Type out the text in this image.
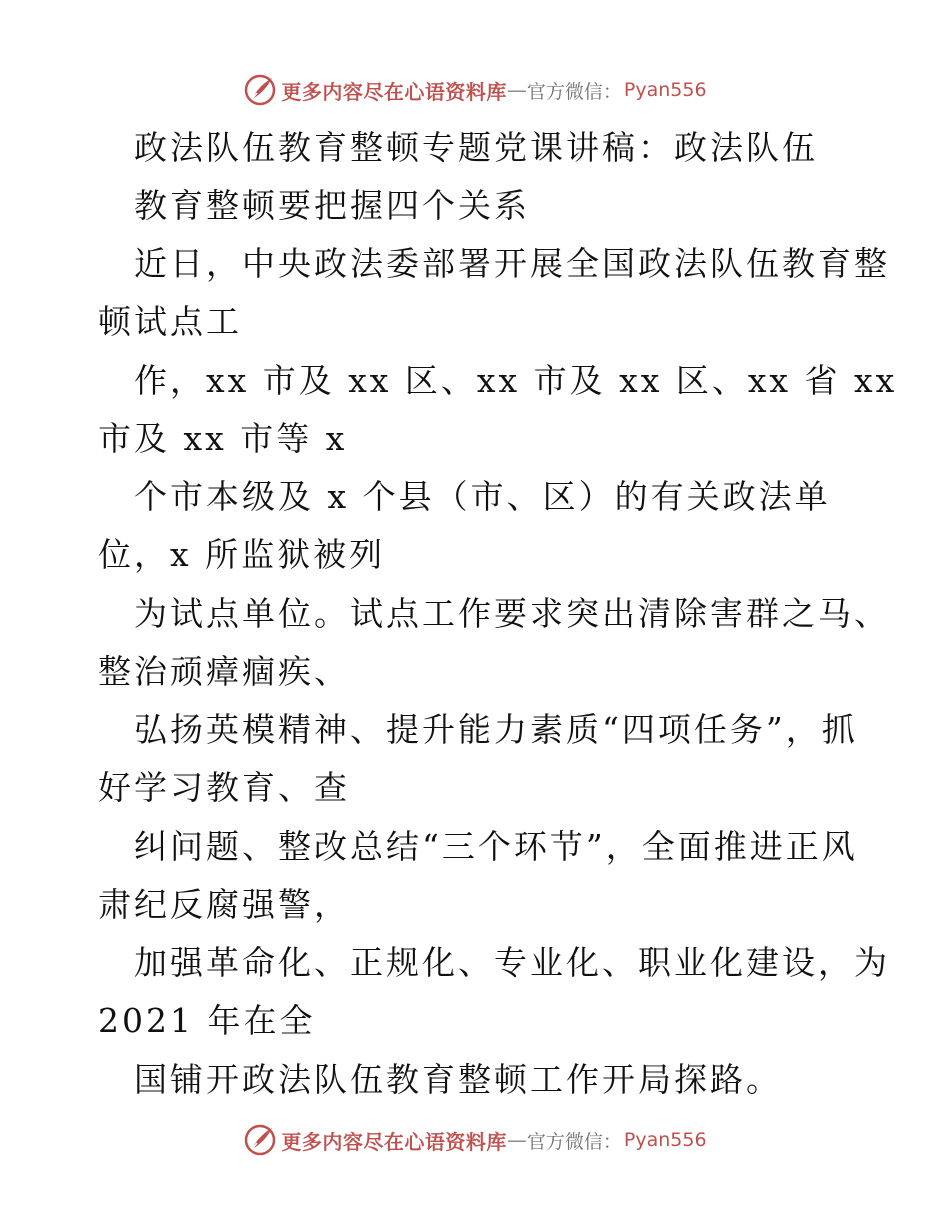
更多内容尽在心语资料库 — 官方微信： Pyan556
政法队伍教育整顿专题党课讲稿：政法队伍
教育整顿要把握四个关系
近日，中央政法委部署开展全国政法队伍教育整
顿试点工
作，xx 市及 xx 区、xx 市及 xx 区、xx 省 xx
市及 xx 市等 x
个市本级及 x 个县（市、区）的有关政法单
位，x 所监狱被列
为试点单位。试点工作要求突出清除害群之马、
整治顽瘴痼疾、
弘扬英模精神、提升能力素质“四项任务”，抓
好学习教育、查
纠问题、整改总结“三个环节”，全面推进正风
肃纪反腐强警，
加强革命化、正规化、专业化、职业化建设，为
2021 年在全
国铺开政法队伍教育整顿工作开局探路。
更多内容尽在心语资料库 — 官方微信： Pyan556
